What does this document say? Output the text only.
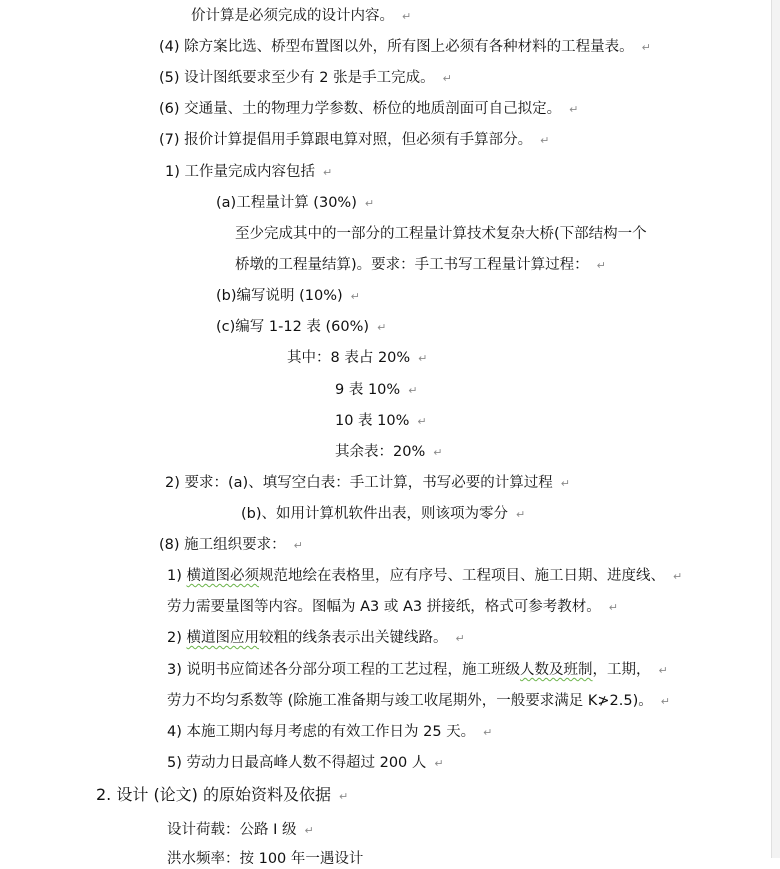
价计算是必须完成的设计内容。↵
(4) 除方案比选、桥型布置图以外，所有图上必须有各种材料的工程量表。↵
(5) 设计图纸要求至少有 2 张是手工完成。↵
(6) 交通量、土的物理力学参数、桥位的地质剖面可自己拟定。↵
(7) 报价计算提倡用手算跟电算对照，但必须有手算部分。↵
1) 工作量完成内容包括↵
(a)工程量计算 (30%)↵
至少完成其中的一部分的工程量计算技术复杂大桥(下部结构一个
桥墩的工程量结算)。要求：手工书写工程量计算过程：↵
(b)编写说明 (10%)↵
(c)编写 1-12 表 (60%)↵
其中：8 表占 20%↵
9 表 10%↵
10 表 10%↵
其余表：20%↵
2) 要求：(a)、填写空白表：手工计算，书写必要的计算过程↵
(b)、如用计算机软件出表，则该项为零分↵
(8) 施工组织要求：↵
1) 横道图必须规范地绘在表格里，应有序号、工程项目、施工日期、进度线、↵
劳力需要量图等内容。图幅为 A3 或 A3 拼接纸，格式可参考教材。↵
2) 横道图应用较粗的线条表示出关键线路。↵
3) 说明书应简述各分部分项工程的工艺过程，施工班级人数及班制，工期，↵
劳力不均匀系数等 (除施工准备期与竣工收尾期外，一般要求满足 K≯2.5)。↵
4) 本施工期内每月考虑的有效工作日为 25 天。↵
5) 劳动力日最高峰人数不得超过 200 人↵
2. 设计 (论文) 的原始资料及依据↵
设计荷载：公路 I 级↵
洪水频率：按 100 年一遇设计
